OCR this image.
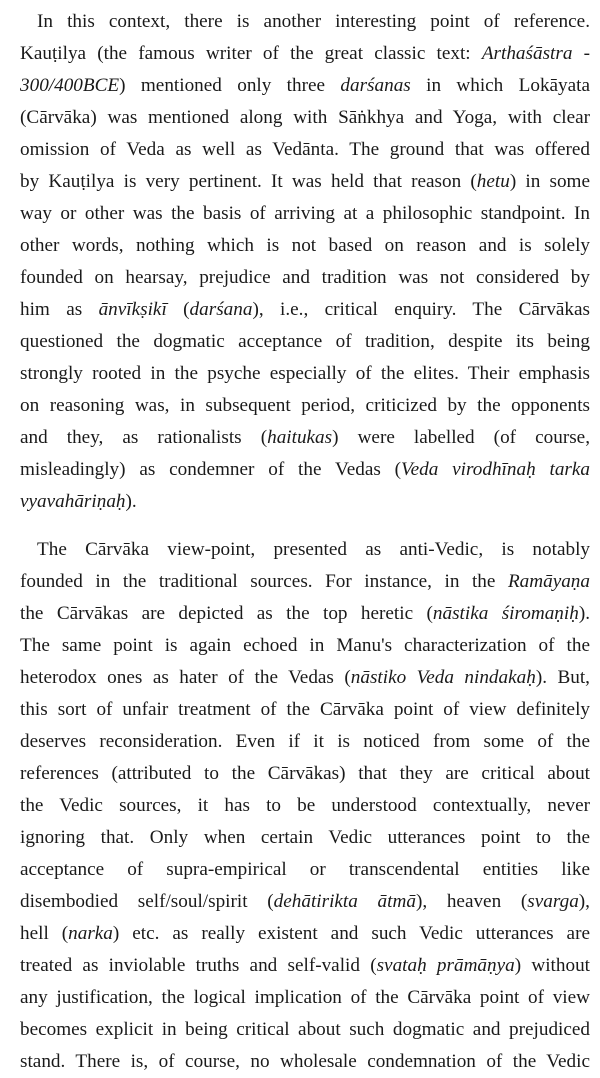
In this context, there is another interesting point of reference.
Kauṭilya (the famous writer of the great classic text: Arthaśāstra -
300/400BCE) mentioned only three darśanas in which Lokāyata
(Cārvāka) was mentioned along with Sāṅkhya and Yoga, with clear
omission of Veda as well as Vedānta. The ground that was offered
by Kauṭilya is very pertinent. It was held that reason (hetu) in some
way or other was the basis of arriving at a philosophic standpoint. In
other words, nothing which is not based on reason and is solely
founded on hearsay, prejudice and tradition was not considered by
him as ānvīkṣikī (darśana), i.e., critical enquiry. The Cārvākas
questioned the dogmatic acceptance of tradition, despite its being
strongly rooted in the psyche especially of the elites. Their emphasis
on reasoning was, in subsequent period, criticized by the opponents
and they, as rationalists (haitukas) were labelled (of course,
misleadingly) as condemner of the Vedas (Veda virodhīnaḥ tarka
vyavahāriṇaḥ).

The Cārvāka view-point, presented as anti-Vedic, is notably
founded in the traditional sources. For instance, in the Ramāyaṇa
the Cārvākas are depicted as the top heretic (nāstika śiromaṇiḥ).
The same point is again echoed in Manu's characterization of the
heterodox ones as hater of the Vedas (nāstiko Veda nindakaḥ). But,
this sort of unfair treatment of the Cārvāka point of view definitely
deserves reconsideration. Even if it is noticed from some of the
references (attributed to the Cārvākas) that they are critical about
the Vedic sources, it has to be understood contextually, never
ignoring that. Only when certain Vedic utterances point to the
acceptance of supra-empirical or transcendental entities like
disembodied self/soul/spirit (dehātirikta ātmā), heaven (svarga),
hell (narka) etc. as really existent and such Vedic utterances are
treated as inviolable truths and self-valid (svataḥ prāmāṇya) without
any justification, the logical implication of the Cārvāka point of view
becomes explicit in being critical about such dogmatic and prejudiced
stand. There is, of course, no wholesale condemnation of the Vedic
